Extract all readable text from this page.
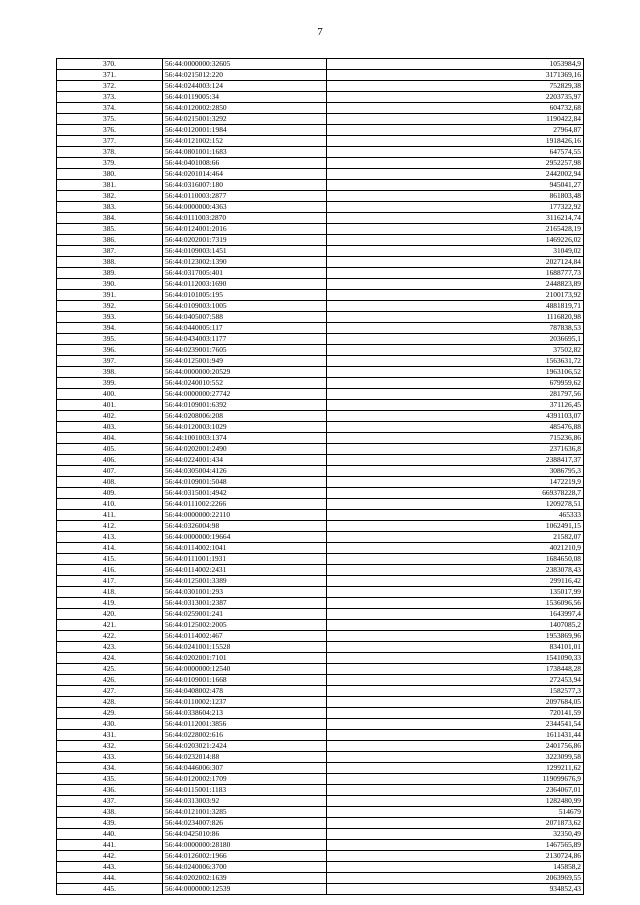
7
370.	56:44:0000000:32605	1053984,9
371.	56:44:0215012:220	3171369,16
372.	56:44:0244003:124	752829,38
373.	56:44:0119005:34	2203735,97
374.	56:44:0120002:2850	604732,68
375.	56:44:0215001:3292	1190422,84
376.	56:44:0120001:1984	27964,87
377.	56:44:0121002:152	1918426,16
378.	56:44:0801001:1683	647574,55
379.	56:44:0401008:66	2952257,98
380.	56:44:0201014:464	2442002,94
381.	56:44:0316007:180	945041,27
382.	56:44:0110003:2877	861803,48
383.	56:44:0000000:4363	177322,92
384.	56:44:0111003:2870	3116214,74
385.	56:44:0124001:2016	2165428,19
386.	56:44:0202001:7319	1469226,02
387.	56:44:0109003:1451	31049,02
388.	56:44:0123002:1390	2027124,84
389.	56:44:0317005:401	1688777,73
390.	56:44:0112003:1690	2448823,89
391.	56:44:0101005:195	2100173,92
392.	56:44:0109003:1005	4881819,71
393.	56:44:0405007:588	1116820,98
394.	56:44:0440005:117	787838,53
395.	56:44:0434003:1177	2036695,1
396.	56:44:0239001:7605	37502,82
397.	56:44:0125001:949	1563631,72
398.	56:44:0000000:20529	1963106,52
399.	56:44:0240010:552	679959,62
400.	56:44:0000000:27742	281797,56
401.	56:44:0109001:6392	371126,45
402.	56:44:0208006:208	4391103,07
403.	56:44:0120003:1029	485476,88
404.	56:44:1001003:1374	715236,86
405.	56:44:0202001:2490	2371636,8
406.	56:44:0224001:434	2388417,37
407.	56:44:0305004:4126	3086795,3
408.	56:44:0109001:5048	1472219,9
409.	56:44:0315001:4942	669378228,7
410.	56:44:0111002:2266	1209278,51
411.	56:44:0000000:22110	465333
412.	56:44:0326004:98	1062491,15
413.	56:44:0000000:19664	21582,07
414.	56:44:0114002:1041	4021210,9
415.	56:44:0111001:1931	1684650,08
416.	56:44:0114002:2431	2383078,43
417.	56:44:0125001:3389	299116,42
418.	56:44:0301001:293	135017,99
419.	56:44:0313001:2387	1536096,56
420.	56:44:0259001:241	1643997,4
421.	56:44:0125002:2005	1407085,2
422.	56:44:0114002:467	1953869,96
423.	56:44:0241001:15528	834101,01
424.	56:44:0202001:7101	1541090,33
425.	56:44:0000000:12540	1738448,28
426.	56:44:0109001:1668	272453,94
427.	56:44:0408002:478	1582577,3
428.	56:44:0110002:1237	2097684,05
429.	56:44:0338604:213	720141,59
430.	56:44:0112001:3856	2344541,54
431.	56:44:0228002:616	1611431,44
432.	56:44:0203021:2424	2401756,86
433.	56:44:0232014:88	3223099,58
434.	56:44:0446006:307	1299211,62
435.	56:44:0120002:1709	119099676,9
436.	56:44:0115001:1183	2364067,01
437.	56:44:0313003:92	1282480,99
438.	56:44:0121001:3285	514679
439.	56:44:0234007:826	2071873,62
440.	56:44:0425010:86	32350,49
441.	56:44:0000000:28180	1467565,89
442.	56:44:0126002:1966	2130724,86
443.	56:44:0240006:3700	145858,2
444.	56:44:0202002:1639	2063969,55
445.	56:44:0000000:12539	934852,43
